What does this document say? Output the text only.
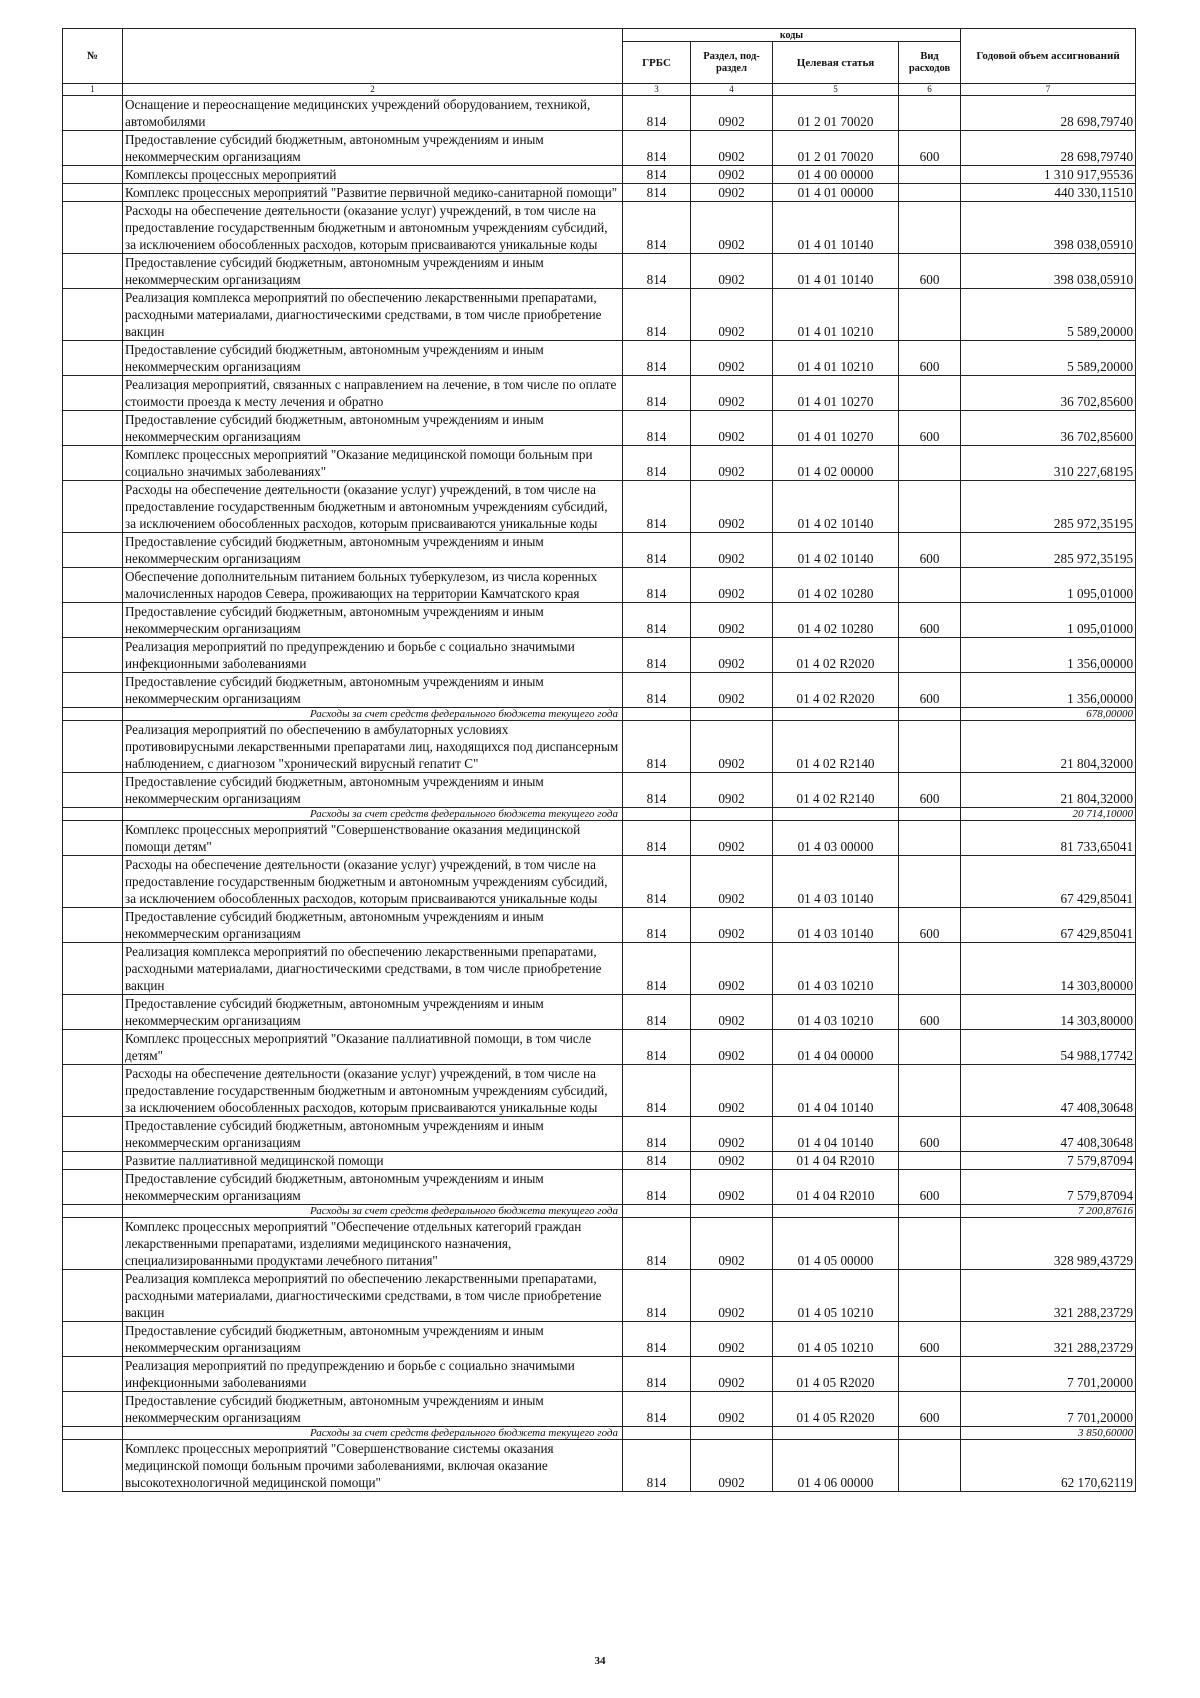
№		коды				Годовой объем ассигнований
		ГРБС	Раздел, под-раздел	Целевая статья	Вид расходов	
1	2	3	4	5	6	7
	Оснащение и переоснащение медицинских учреждений оборудованием, техникой, автомобилями	814	0902	01 2 01 70020		28 698,79740
	Предоставление субсидий бюджетным, автономным учреждениям и иным некоммерческим организациям	814	0902	01 2 01 70020	600	28 698,79740
	Комплексы процессных мероприятий	814	0902	01 4 00 00000		1 310 917,95536
	Комплекс процессных мероприятий "Развитие первичной медико-санитарной помощи"	814	0902	01 4 01 00000		440 330,11510
	Расходы на обеспечение деятельности (оказание услуг) учреждений, в том числе на предоставление государственным бюджетным и автономным учреждениям субсидий, за исключением обособленных расходов, которым присваиваются уникальные коды	814	0902	01 4 01 10140		398 038,05910
	Предоставление субсидий бюджетным, автономным учреждениям и иным некоммерческим организациям	814	0902	01 4 01 10140	600	398 038,05910
	Реализация комплекса мероприятий по обеспечению лекарственными препаратами, расходными материалами, диагностическими средствами, в том числе приобретение вакцин	814	0902	01 4 01 10210		5 589,20000
	Предоставление субсидий бюджетным, автономным учреждениям и иным некоммерческим организациям	814	0902	01 4 01 10210	600	5 589,20000
	Реализация мероприятий, связанных с направлением на лечение, в том числе по оплате стоимости проезда к месту лечения и обратно	814	0902	01 4 01 10270		36 702,85600
	Предоставление субсидий бюджетным, автономным учреждениям и иным некоммерческим организациям	814	0902	01 4 01 10270	600	36 702,85600
	Комплекс процессных мероприятий "Оказание медицинской помощи больным при социально значимых заболеваниях"	814	0902	01 4 02 00000		310 227,68195
	Расходы на обеспечение деятельности (оказание услуг) учреждений, в том числе на предоставление государственным бюджетным и автономным учреждениям субсидий, за исключением обособленных расходов, которым присваиваются уникальные коды	814	0902	01 4 02 10140		285 972,35195
	Предоставление субсидий бюджетным, автономным учреждениям и иным некоммерческим организациям	814	0902	01 4 02 10140	600	285 972,35195
	Обеспечение дополнительным питанием больных туберкулезом, из числа коренных малочисленных народов Севера, проживающих на территории Камчатского края	814	0902	01 4 02 10280		1 095,01000
	Предоставление субсидий бюджетным, автономным учреждениям и иным некоммерческим организациям	814	0902	01 4 02 10280	600	1 095,01000
	Реализация мероприятий по предупреждению и борьбе с социально значимыми инфекционными заболеваниями	814	0902	01 4 02 R2020		1 356,00000
	Предоставление субсидий бюджетным, автономным учреждениям и иным некоммерческим организациям	814	0902	01 4 02 R2020	600	1 356,00000
	Расходы за счет средств федерального бюджета текущего года					678,00000
	Реализация мероприятий по обеспечению в амбулаторных условиях противовирусными лекарственными препаратами лиц, находящихся под диспансерным наблюдением, с диагнозом "хронический вирусный гепатит С"	814	0902	01 4 02 R2140		21 804,32000
	Предоставление субсидий бюджетным, автономным учреждениям и иным некоммерческим организациям	814	0902	01 4 02 R2140	600	21 804,32000
	Расходы за счет средств федерального бюджета текущего года					20 714,10000
	Комплекс процессных мероприятий "Совершенствование оказания медицинской помощи детям"	814	0902	01 4 03 00000		81 733,65041
	Расходы на обеспечение деятельности (оказание услуг) учреждений, в том числе на предоставление государственным бюджетным и автономным учреждениям субсидий, за исключением обособленных расходов, которым присваиваются уникальные коды	814	0902	01 4 03 10140		67 429,85041
	Предоставление субсидий бюджетным, автономным учреждениям и иным некоммерческим организациям	814	0902	01 4 03 10140	600	67 429,85041
	Реализация комплекса мероприятий по обеспечению лекарственными препаратами, расходными материалами, диагностическими средствами, в том числе приобретение вакцин	814	0902	01 4 03 10210		14 303,80000
	Предоставление субсидий бюджетным, автономным учреждениям и иным некоммерческим организациям	814	0902	01 4 03 10210	600	14 303,80000
	Комплекс процессных мероприятий "Оказание паллиативной помощи, в том числе детям"	814	0902	01 4 04 00000		54 988,17742
	Расходы на обеспечение деятельности (оказание услуг) учреждений, в том числе на предоставление государственным бюджетным и автономным учреждениям субсидий, за исключением обособленных расходов, которым присваиваются уникальные коды	814	0902	01 4 04 10140		47 408,30648
	Предоставление субсидий бюджетным, автономным учреждениям и иным некоммерческим организациям	814	0902	01 4 04 10140	600	47 408,30648
	Развитие паллиативной медицинской помощи	814	0902	01 4 04 R2010		7 579,87094
	Предоставление субсидий бюджетным, автономным учреждениям и иным некоммерческим организациям	814	0902	01 4 04 R2010	600	7 579,87094
	Расходы за счет средств федерального бюджета текущего года					7 200,87616
	Комплекс процессных мероприятий "Обеспечение отдельных категорий граждан лекарственными препаратами, изделиями медицинского назначения, специализированными продуктами лечебного питания"	814	0902	01 4 05 00000		328 989,43729
	Реализация комплекса мероприятий по обеспечению лекарственными препаратами, расходными материалами, диагностическими средствами, в том числе приобретение вакцин	814	0902	01 4 05 10210		321 288,23729
	Предоставление субсидий бюджетным, автономным учреждениям и иным некоммерческим организациям	814	0902	01 4 05 10210	600	321 288,23729
	Реализация мероприятий по предупреждению и борьбе с социально значимыми инфекционными заболеваниями	814	0902	01 4 05 R2020		7 701,20000
	Предоставление субсидий бюджетным, автономным учреждениям и иным некоммерческим организациям	814	0902	01 4 05 R2020	600	7 701,20000
	Расходы за счет средств федерального бюджета текущего года					3 850,60000
	Комплекс процессных мероприятий "Совершенствование системы оказания медицинской помощи больным прочими заболеваниями, включая оказание высокотехнологичной медицинской помощи"	814	0902	01 4 06 00000		62 170,62119
34
